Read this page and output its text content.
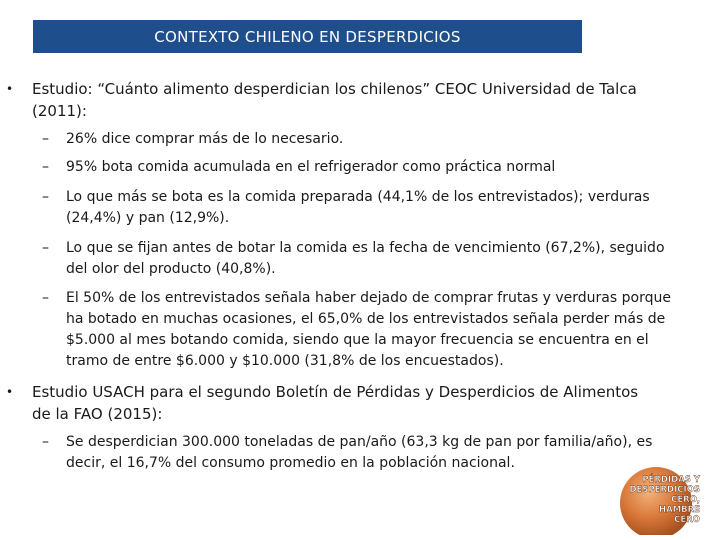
CONTEXTO CHILENO EN DESPERDICIOS
• Estudio: “Cuánto alimento desperdician los chilenos” CEOC Universidad de Talca (2011):
–	26% dice comprar más de lo necesario.
–	95% bota comida acumulada en el refrigerador como práctica normal
–	Lo que más se bota es la comida preparada (44,1% de los entrevistados); verduras (24,4%) y pan (12,9%).
–	Lo que se fijan antes de botar la comida es la fecha de vencimiento (67,2%), seguido del olor del producto (40,8%).
–	El 50% de los entrevistados señala haber dejado de comprar frutas y verduras porque ha botado en muchas ocasiones, el 65,0% de los entrevistados señala perder más de $5.000 al mes botando comida, siendo que la mayor frecuencia se encuentra en el tramo de entre $6.000 y $10.000 (31,8% de los encuestados).
• Estudio USACH para el segundo Boletín de Pérdidas y Desperdicios de Alimentos de la FAO (2015):
–	Se desperdician 300.000 toneladas de pan/año (63,3 kg de pan por familia/año), es decir, el 16,7% del consumo promedio en la población nacional.
PÉRDIDAS Y
DESPERDICIOS
CERO,
HAMBRE
CERO
